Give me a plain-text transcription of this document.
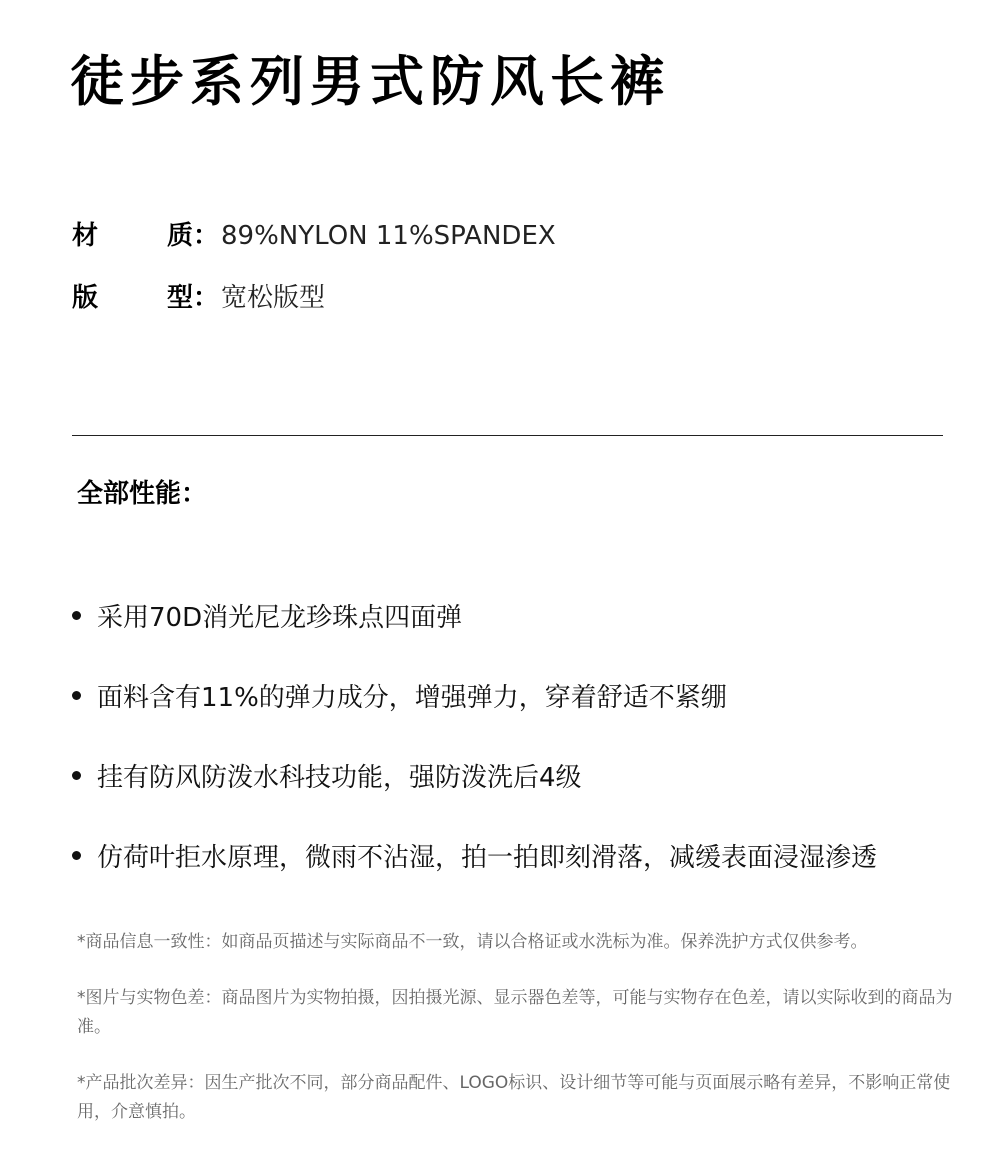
徒步系列男式防风长裤
材	质： 89%NYLON 11%SPANDEX
版	型： 宽松版型
全部性能：
采用70D消光尼龙珍珠点四面弹
面料含有11%的弹力成分，增强弹力，穿着舒适不紧绷
挂有防风防泼水科技功能，强防泼洗后4级
仿荷叶拒水原理，微雨不沾湿，拍一拍即刻滑落，减缓表面浸湿渗透
*商品信息一致性：如商品页描述与实际商品不一致，请以合格证或水洗标为准。保养洗护方式仅供参考。
*图片与实物色差：商品图片为实物拍摄，因拍摄光源、显示器色差等，可能与实物存在色差，请以实际收到的商品为准。
*产品批次差异：因生产批次不同，部分商品配件、LOGO标识、设计细节等可能与页面展示略有差异，不影响正常使用，介意慎拍。
